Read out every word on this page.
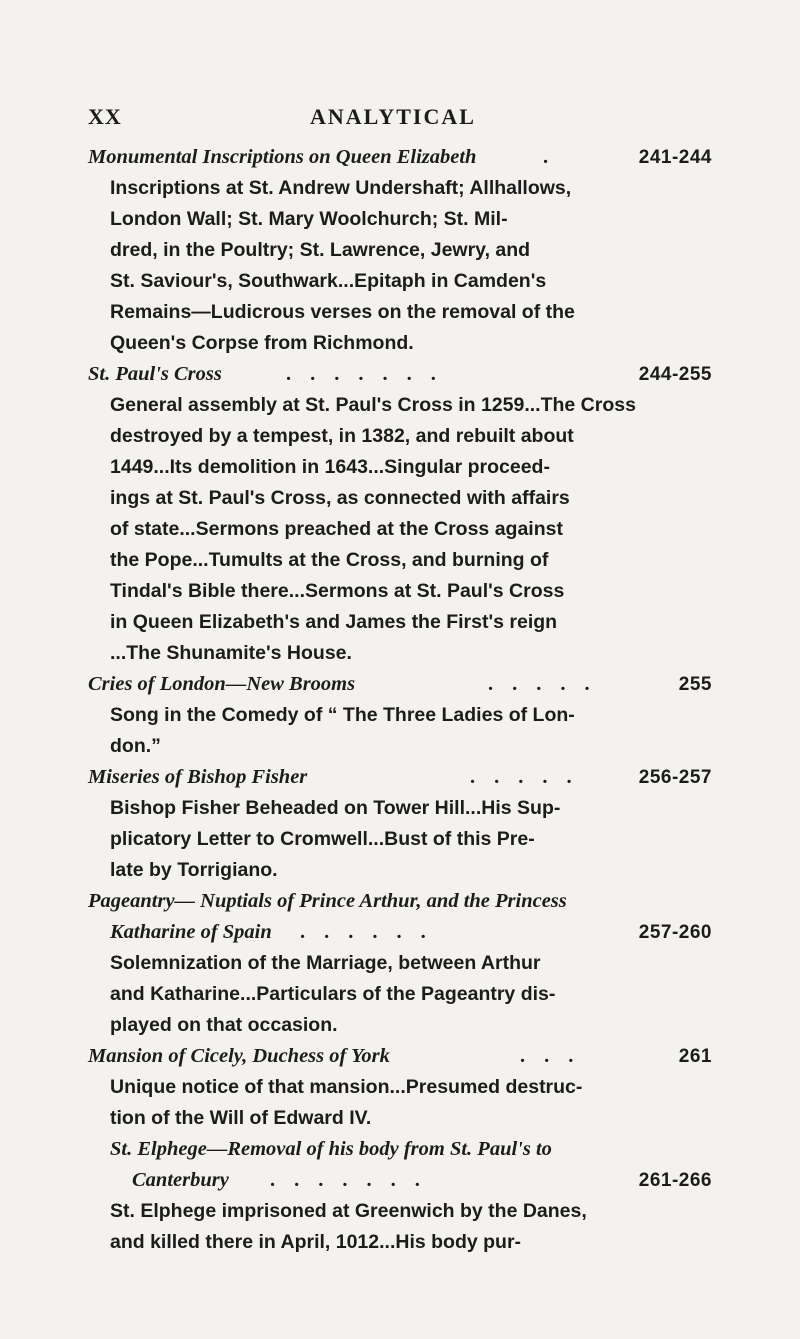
XX	ANALYTICAL
Monumental Inscriptions on Queen Elizabeth	.	241-244
Inscriptions at St. Andrew Undershaft; Allhallows,
London Wall; St. Mary Woolchurch; St. Mil-
dred, in the Poultry; St. Lawrence, Jewry, and
St. Saviour's, Southwark...Epitaph in Camden's
Remains—Ludicrous verses on the removal of the
Queen's Corpse from Richmond.
St. Paul's Cross	.......	244-255
General assembly at St. Paul's Cross in 1259...The Cross
destroyed by a tempest, in 1382, and rebuilt about
1449...Its demolition in 1643...Singular proceed-
ings at St. Paul's Cross, as connected with affairs
of state...Sermons preached at the Cross against
the Pope...Tumults at the Cross, and burning of
Tindal's Bible there...Sermons at St. Paul's Cross
in Queen Elizabeth's and James the First's reign
...The Shunamite's House.
Cries of London—New Brooms	.....	255
Song in the Comedy of “ The Three Ladies of Lon-
don.”
Miseries of Bishop Fisher	.....	256-257
Bishop Fisher Beheaded on Tower Hill...His Sup-
plicatory Letter to Cromwell...Bust of this Pre-
late by Torrigiano.
Pageantry— Nuptials of Prince Arthur, and the Princess
Katharine of Spain	......	257-260
Solemnization of the Marriage, between Arthur
and Katharine...Particulars of the Pageantry dis-
played on that occasion.
Mansion of Cicely, Duchess of York	...	261
Unique notice of that mansion...Presumed destruc-
tion of the Will of Edward IV.
St. Elphege—Removal of his body from St. Paul's to
Canterbury	.......	261-266
St. Elphege imprisoned at Greenwich by the Danes,
and killed there in April, 1012...His body pur-
